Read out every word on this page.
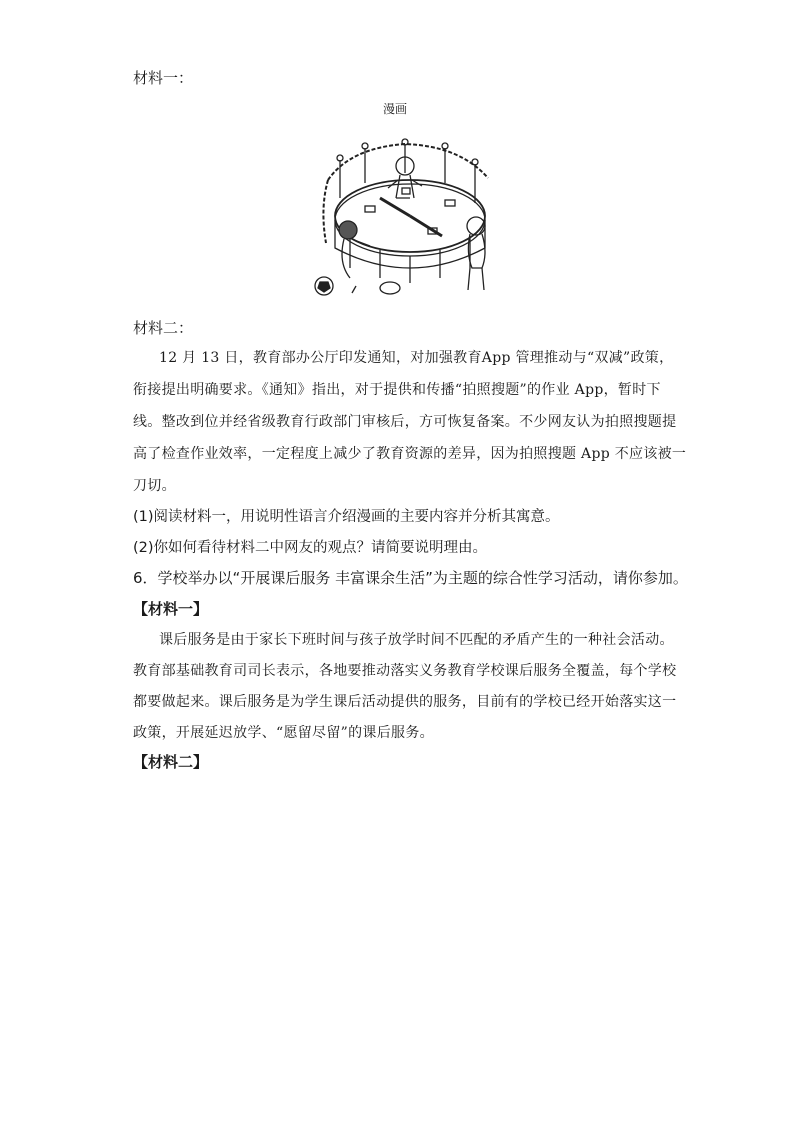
材料一：
漫画
材料二：
12 月 13 日，教育部办公厅印发通知，对加强教育App 管理推动与“双减”政策，
衔接提出明确要求。《通知》指出，对于提供和传播“拍照搜题”的作业 App，暂时下
线。整改到位并经省级教育行政部门审核后，方可恢复备案。不少网友认为拍照搜题提
高了检查作业效率，一定程度上减少了教育资源的差异，因为拍照搜题 App 不应该被一
刀切。
(1)阅读材料一，用说明性语言介绍漫画的主要内容并分析其寓意。
(2)你如何看待材料二中网友的观点？请简要说明理由。
6．学校举办以“开展课后服务 丰富课余生活”为主题的综合性学习活动，请你参加。
【材料一】
课后服务是由于家长下班时间与孩子放学时间不匹配的矛盾产生的一种社会活动。
教育部基础教育司司长表示，各地要推动落实义务教育学校课后服务全覆盖，每个学校
都要做起来。课后服务是为学生课后活动提供的服务，目前有的学校已经开始落实这一
政策，开展延迟放学、“愿留尽留”的课后服务。
【材料二】
